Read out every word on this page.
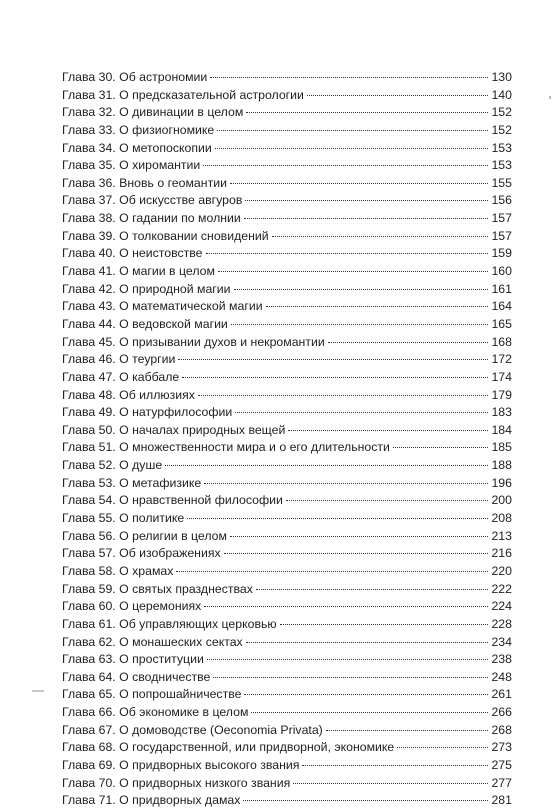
Глава 30. Об астрономии	130
Глава 31. О предсказательной астрологии	140
Глава 32. О дивинации в целом	152
Глава 33. О физиогномике	152
Глава 34. О метопоскопии	153
Глава 35. О хиромантии	153
Глава 36. Вновь о геомантии	155
Глава 37. Об искусстве авгуров	156
Глава 38. О гадании по молнии	157
Глава 39. О толковании сновидений	157
Глава 40. О неистовстве	159
Глава 41. О магии в целом	160
Глава 42. О природной магии	161
Глава 43. О математической магии	164
Глава 44. О ведовской магии	165
Глава 45. О призывании духов и некромантии	168
Глава 46. О теургии	172
Глава 47. О каббале	174
Глава 48. Об иллюзиях	179
Глава 49. О натурфилософии	183
Глава 50. О началах природных вещей	184
Глава 51. О множественности мира и о его длительности	185
Глава 52. О душе	188
Глава 53. О метафизике	196
Глава 54. О нравственной философии	200
Глава 55. О политике	208
Глава 56. О религии в целом	213
Глава 57. Об изображениях	216
Глава 58. О храмах	220
Глава 59. О святых празднествах	222
Глава 60. О церемониях	224
Глава 61. Об управляющих церковью	228
Глава 62. О монашеских сектах	234
Глава 63. О проституции	238
Глава 64. О сводничестве	248
Глава 65. О попрошайничестве	261
Глава 66. Об экономике в целом	266
Глава 67. О домоводстве (Oeconomia Privata)	268
Глава 68. О государственной, или придворной, экономике	273
Глава 69. О придворных высокого звания	275
Глава 70. О придворных низкого звания	277
Глава 71. О придворных дамах	281
